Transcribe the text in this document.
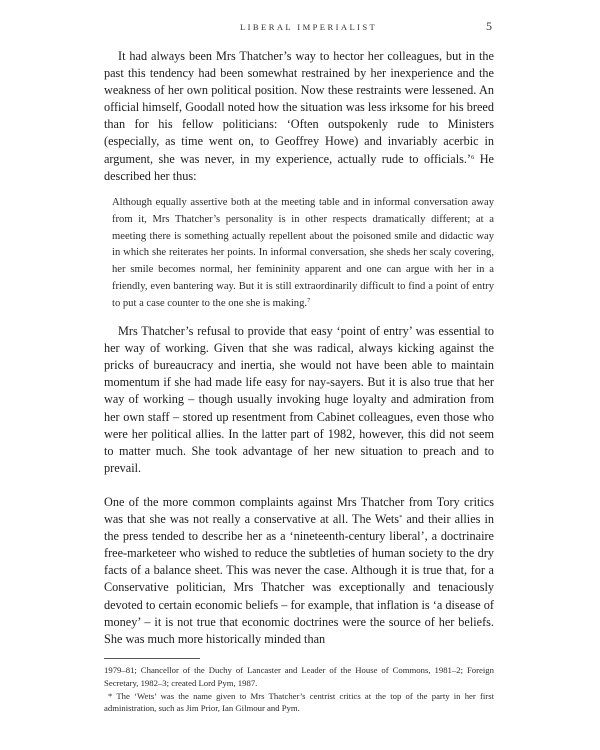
LIBERAL IMPERIALIST	5

It had always been Mrs Thatcher’s way to hector her colleagues, but in the past this tendency had been somewhat restrained by her inexperience and the weakness of her own political position. Now these restraints were lessened. An official himself, Goodall noted how the situation was less irksome for his breed than for his fellow politicians: ‘Often outspokenly rude to Ministers (especially, as time went on, to Geoffrey Howe) and invariably acerbic in argument, she was never, in my experience, actually rude to officials.’$^6$ He described her thus:

Although equally assertive both at the meeting table and in informal conversation away from it, Mrs Thatcher’s personality is in other respects dramatically different; at a meeting there is something actually repellent about the poisoned smile and didactic way in which she reiterates her points. In informal conversation, she sheds her scaly covering, her smile becomes normal, her femininity apparent and one can argue with her in a friendly, even bantering way. But it is still extraordinarily difficult to find a point of entry to put a case counter to the one she is making.$^7$

Mrs Thatcher’s refusal to provide that easy ‘point of entry’ was essential to her way of working. Given that she was radical, always kicking against the pricks of bureaucracy and inertia, she would not have been able to maintain momentum if she had made life easy for nay-sayers. But it is also true that her way of working – though usually invoking huge loyalty and admiration from her own staff – stored up resentment from Cabinet colleagues, even those who were her political allies. In the latter part of 1982, however, this did not seem to matter much. She took advantage of her new situation to preach and to prevail.

One of the more common complaints against Mrs Thatcher from Tory critics was that she was not really a conservative at all. The Wets* and their allies in the press tended to describe her as a ‘nineteenth-century liberal’, a doctrinaire free-marketeer who wished to reduce the subtleties of human society to the dry facts of a balance sheet. This was never the case. Although it is true that, for a Conservative politician, Mrs Thatcher was exceptionally and tenaciously devoted to certain economic beliefs – for example, that inflation is ‘a disease of money’ – it is not true that economic doctrines were the source of her beliefs. She was much more historically minded than

1979–81; Chancellor of the Duchy of Lancaster and Leader of the House of Commons, 1981–2; Foreign Secretary, 1982–3; created Lord Pym, 1987.

* The ‘Wets’ was the name given to Mrs Thatcher’s centrist critics at the top of the party in her first administration, such as Jim Prior, Ian Gilmour and Pym.
